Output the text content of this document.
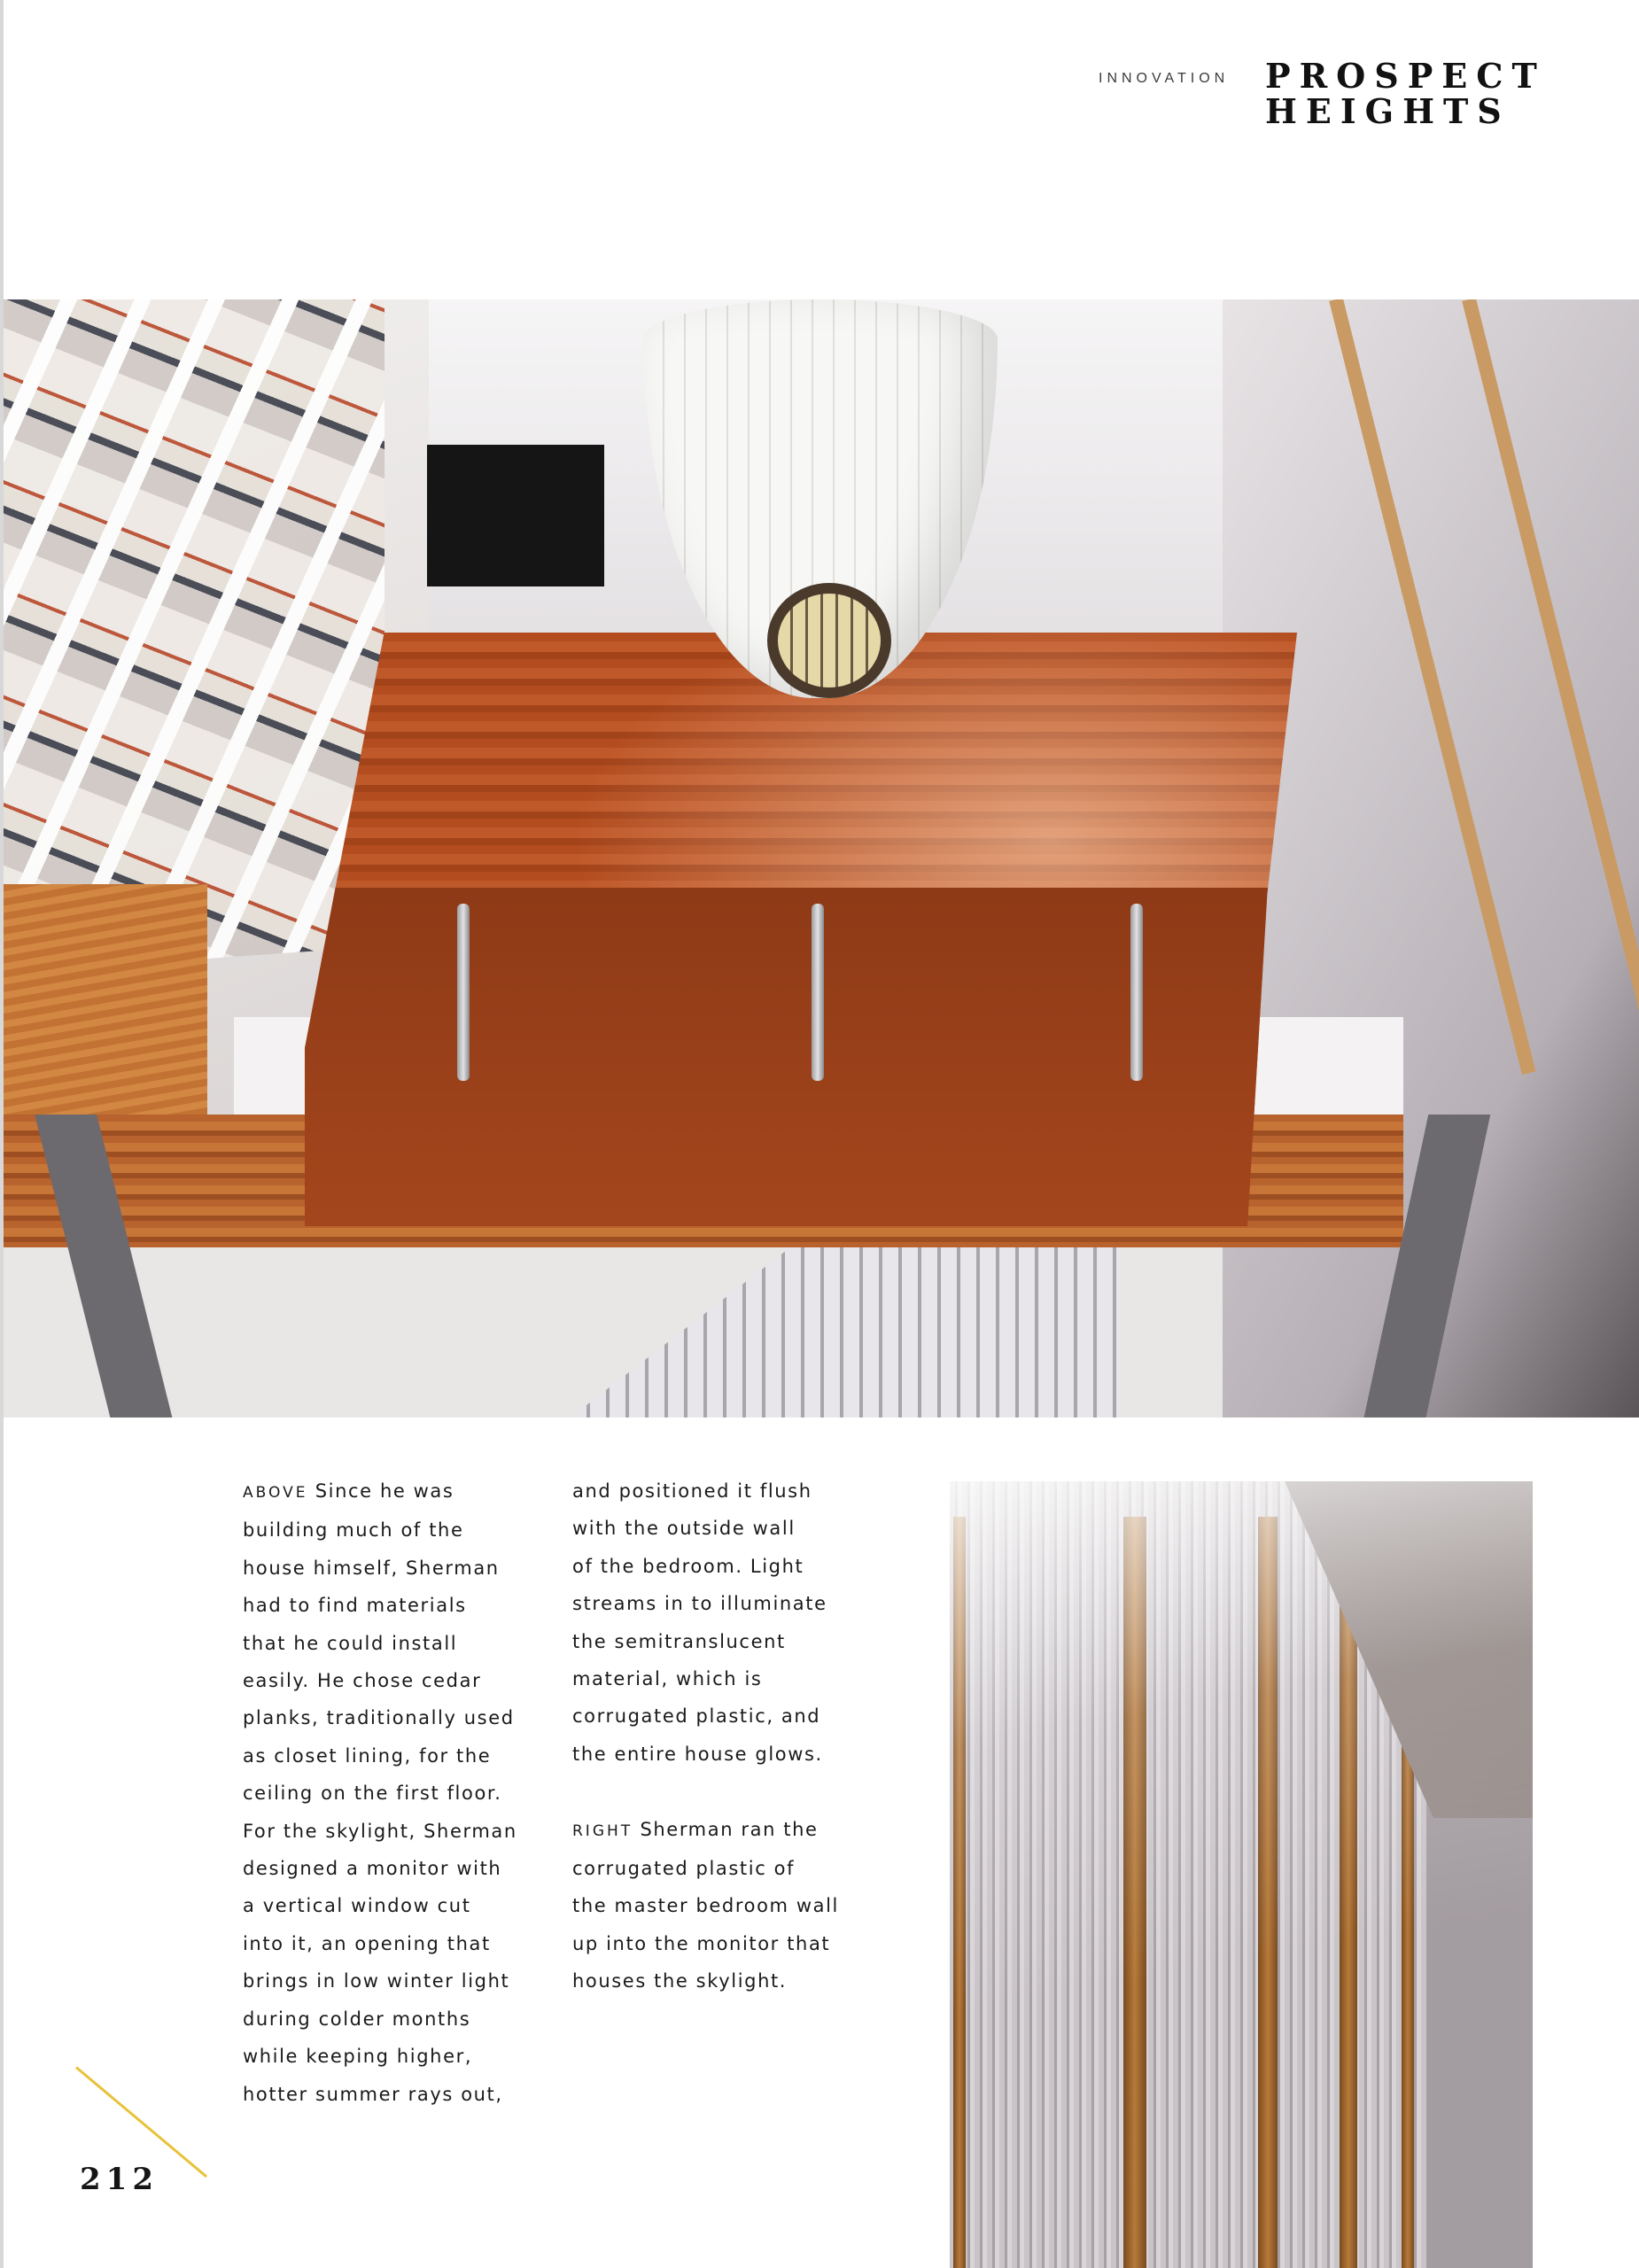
INNOVATION PROSPECT
HEIGHTS

ABOVE Since he was

building much of the

house himself, Sherman

had to find materials

that he could install

easily. He chose cedar

planks, traditionally used

as closet lining, for the

ceiling on the first floor.

For the skylight, Sherman

designed a monitor with

a vertical window cut

into it, an opening that

brings in low winter light

during colder months

while keeping higher,

hotter summer rays out,

and positioned it flush

with the outside wall

of the bedroom. Light

streams in to illuminate

the semitranslucent

material, which is

corrugated plastic, and

the entire house glows.

RIGHT Sherman ran the

corrugated plastic of

the master bedroom wall

up into the monitor that

houses the skylight.

212
